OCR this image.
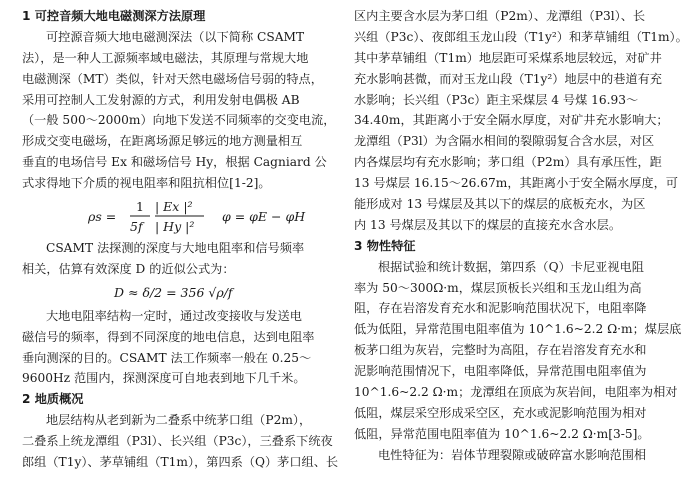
1 可控音频大地电磁测深方法原理
可控源音频大地电磁测深法（以下简称 CSAMT
法），是一种人工源频率域电磁法，其原理与常规大地
电磁测深（MT）类似，针对天然电磁场信号弱的特点，
采用可控制人工发射源的方式，利用发射电偶极 AB
（一般 500～2000m）向地下发送不同频率的交变电流，
形成交变电磁场，在距离场源足够远的地方测量相互
垂直的电场信号 Ex 和磁场信号 Hy，根据 Cagniard 公
式求得地下介质的视电阻率和阻抗相位[1-2]。
ρs =
1
5f
| Ex |²
| Hy |²
φ = φE − φH
CSAMT 法探测的深度与大地电阻率和信号频率
相关，估算有效深度 D 的近似公式为：
D ≈ δ/2 = 356 √ρ/f
大地电阻率结构一定时，通过改变接收与发送电
磁信号的频率，得到不同深度的地电信息，达到电阻率
垂向测深的目的。CSAMT 法工作频率一般在 0.25～
9600Hz 范围内，探测深度可自地表到地下几千米。
2 地质概况
地层结构从老到新为二叠系中统茅口组（P2m），
二叠系上统龙潭组（P3l）、长兴组（P3c），三叠系下统夜
郎组（T1y）、茅草铺组（T1m），第四系（Q）茅口组、长
区内主要含水层为茅口组（P2m）、龙潭组（P3l）、长
兴组（P3c）、夜郎组玉龙山段（T1y²）和茅草铺组（T1m）。
其中茅草铺组（T1m）地层距可采煤系地层较远，对矿井
充水影响甚微，而对玉龙山段（T1y²）地层中的巷道有充
水影响；长兴组（P3c）距主采煤层 4 号煤 16.93～
34.40m，其距离小于安全隔水厚度，对矿井充水影响大；
龙潭组（P3l）为含隔水相间的裂隙弱复合含水层，对区
内各煤层均有充水影响；茅口组（P2m）具有承压性，距
13 号煤层 16.15～26.67m，其距离小于安全隔水厚度，可
能形成对 13 号煤层及其以下的煤层的底板充水，为区
内 13 号煤层及其以下的煤层的直接充水含水层。
3 物性特征
根据试验和统计数据，第四系（Q）卡尼亚视电阻
率为 50～300Ω·m，煤层顶板长兴组和玉龙山组为高
阻，存在岩溶发育充水和泥影响范围状况下，电阻率降
低为低阻，异常范围电阻率值为 10^1.6~2.2 Ω·m；煤层底
板茅口组为灰岩，完整时为高阻，存在岩溶发育充水和
泥影响范围情况下，电阻率降低，异常范围电阻率值为
10^1.6~2.2 Ω·m；龙潭组在顶底为灰岩间，电阻率为相对
低阻，煤层采空形成采空区，充水或泥影响范围为相对
低阻，异常范围电阻率值为 10^1.6~2.2 Ω·m[3-5]。
电性特征为：岩体节理裂隙或破碎富水影响范围相
